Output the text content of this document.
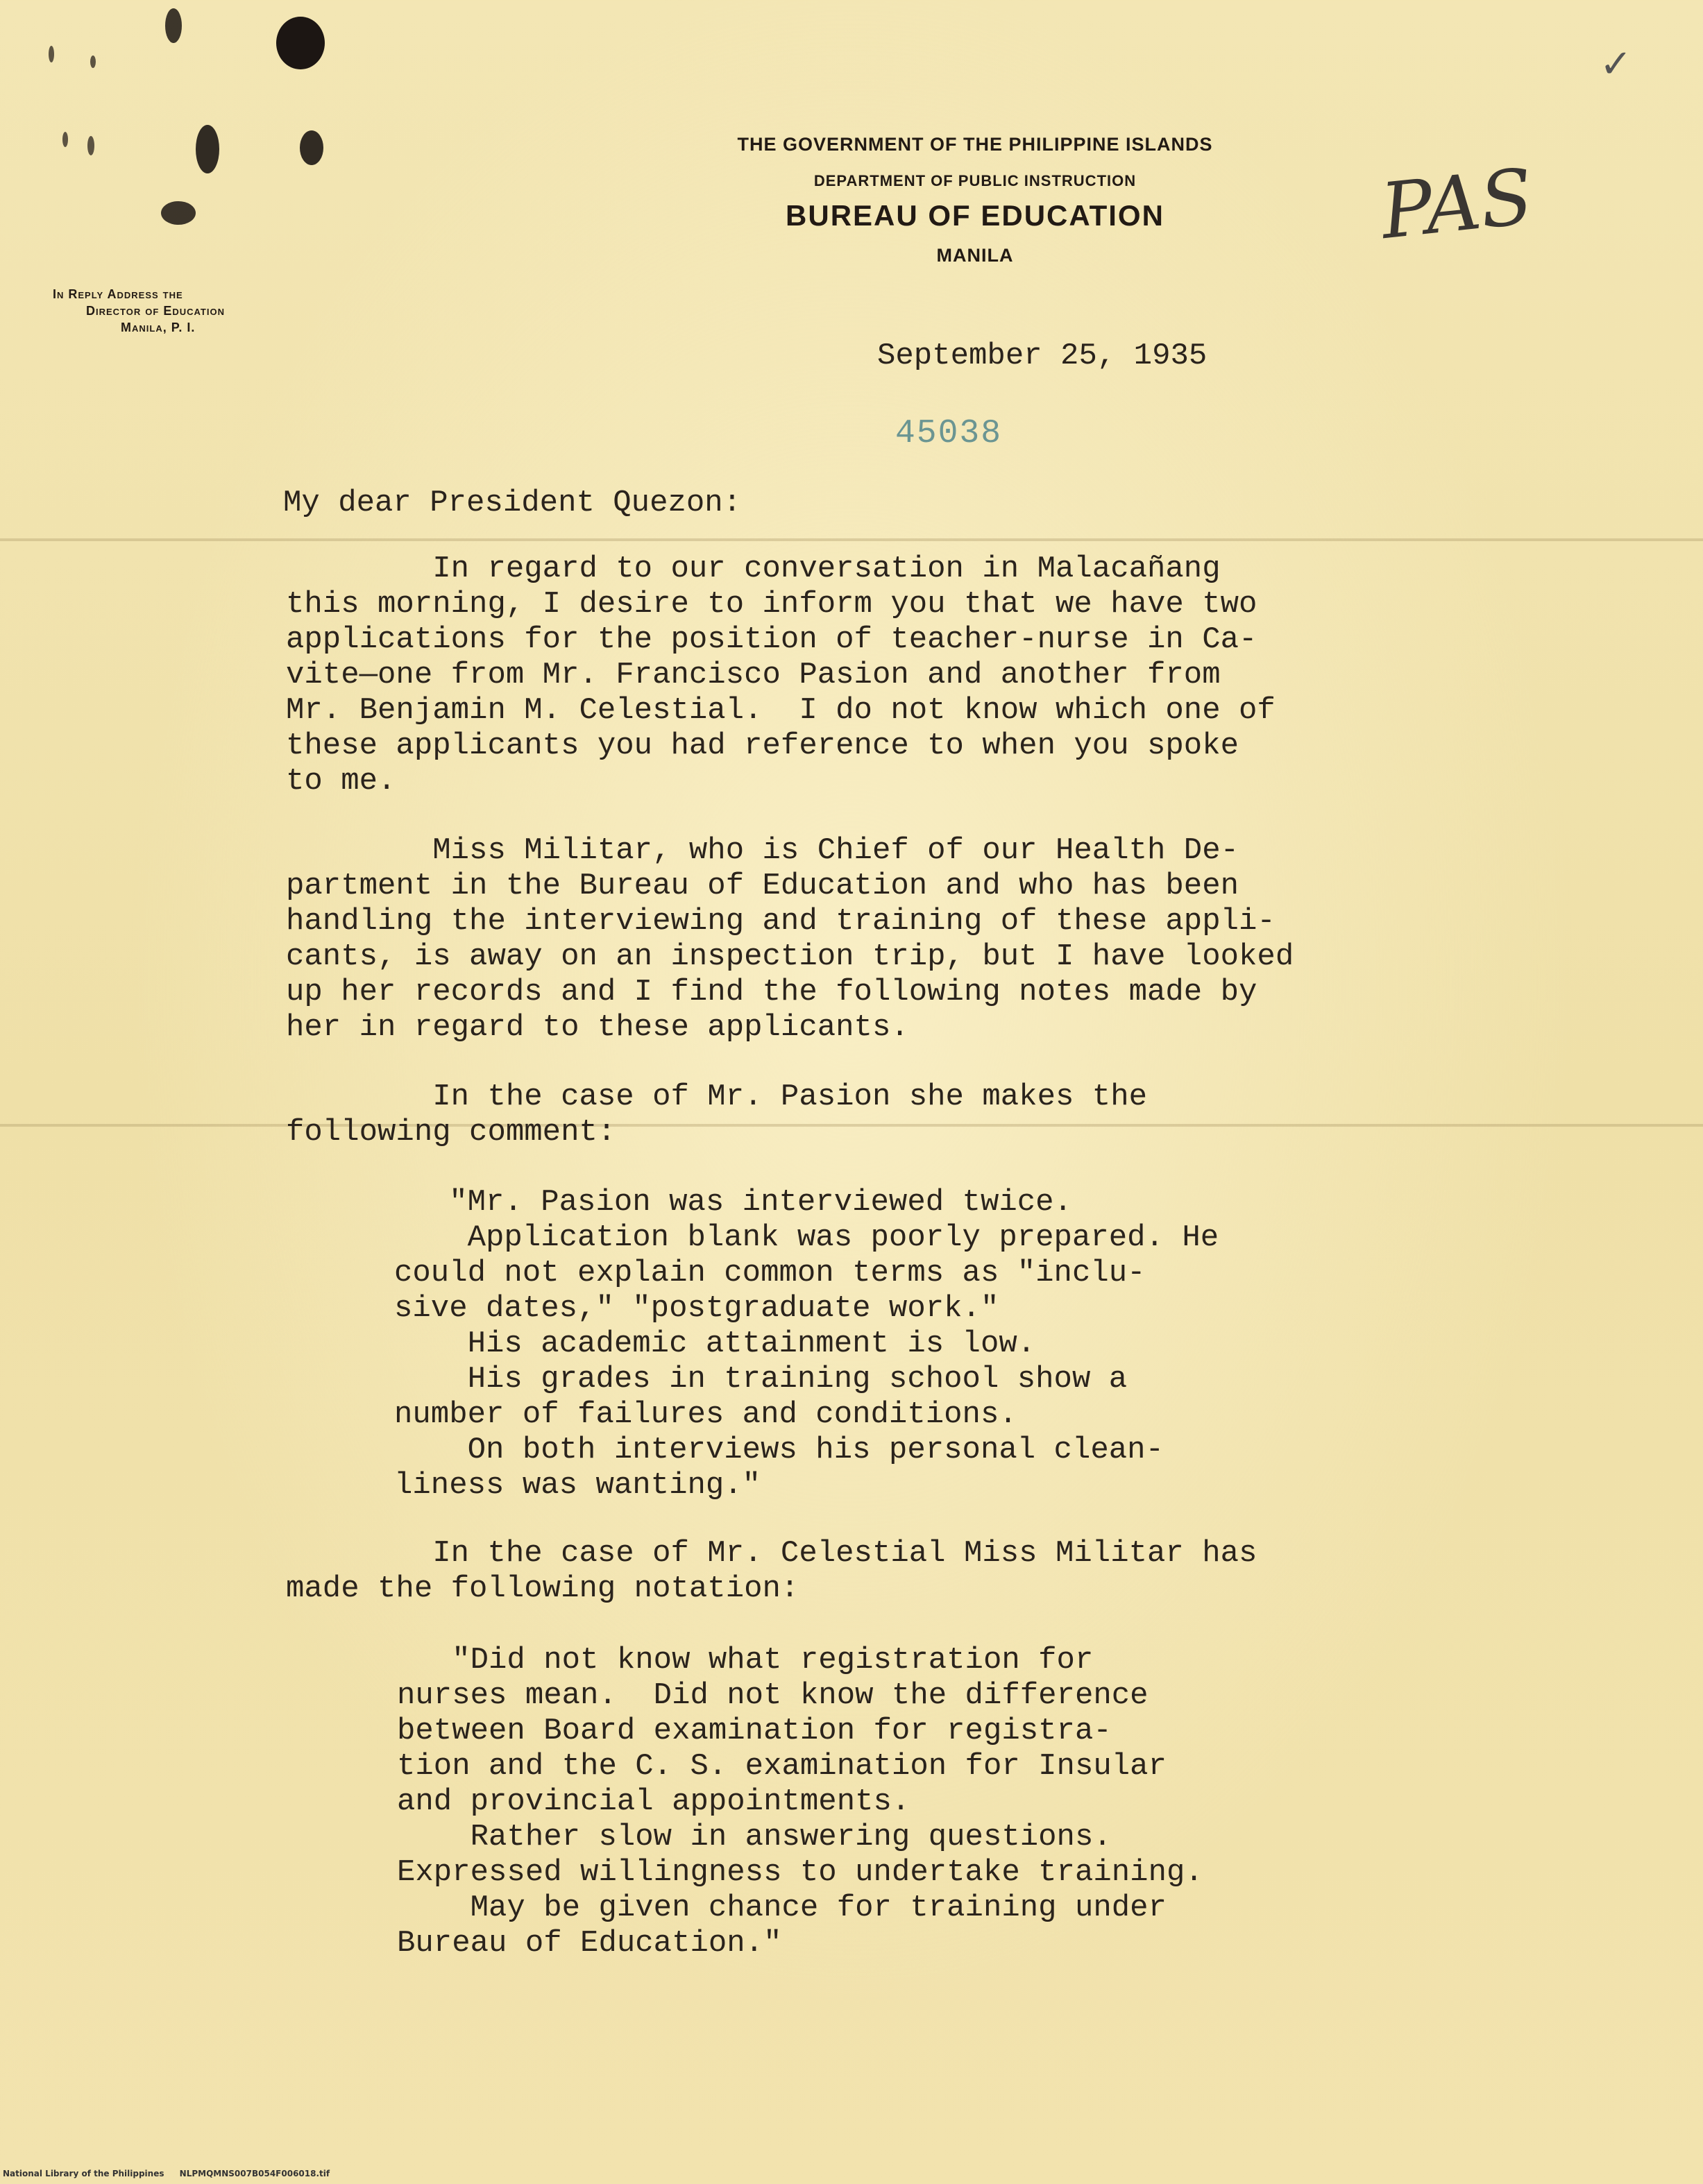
✓
THE GOVERNMENT OF THE PHILIPPINE ISLANDS
DEPARTMENT OF PUBLIC INSTRUCTION
BUREAU OF EDUCATION
MANILA
In Reply Address the
Director of Education
Manila, P. I.
PAS
September 25, 1935
45038
My dear President Quezon:
In regard to our conversation in Malacañang
this morning, I desire to inform you that we have two
applications for the position of teacher-nurse in Ca-
vite—one from Mr. Francisco Pasion and another from
Mr. Benjamin M. Celestial.  I do not know which one of
these applicants you had reference to when you spoke
to me.
Miss Militar, who is Chief of our Health De-
partment in the Bureau of Education and who has been
handling the interviewing and training of these appli-
cants, is away on an inspection trip, but I have looked
up her records and I find the following notes made by
her in regard to these applicants.
In the case of Mr. Pasion she makes the
following comment:
"Mr. Pasion was interviewed twice.
Application blank was poorly prepared. He
could not explain common terms as "inclu-
sive dates," "postgraduate work."
His academic attainment is low.
His grades in training school show a
number of failures and conditions.
On both interviews his personal clean-
liness was wanting."
In the case of Mr. Celestial Miss Militar has
made the following notation:
"Did not know what registration for
nurses mean.  Did not know the difference
between Board examination for registra-
tion and the C. S. examination for Insular
and provincial appointments.
Rather slow in answering questions.
Expressed willingness to undertake training.
May be given chance for training under
Bureau of Education."
National Library of the Philippines NLPMQMNS007B054F006018.tif
